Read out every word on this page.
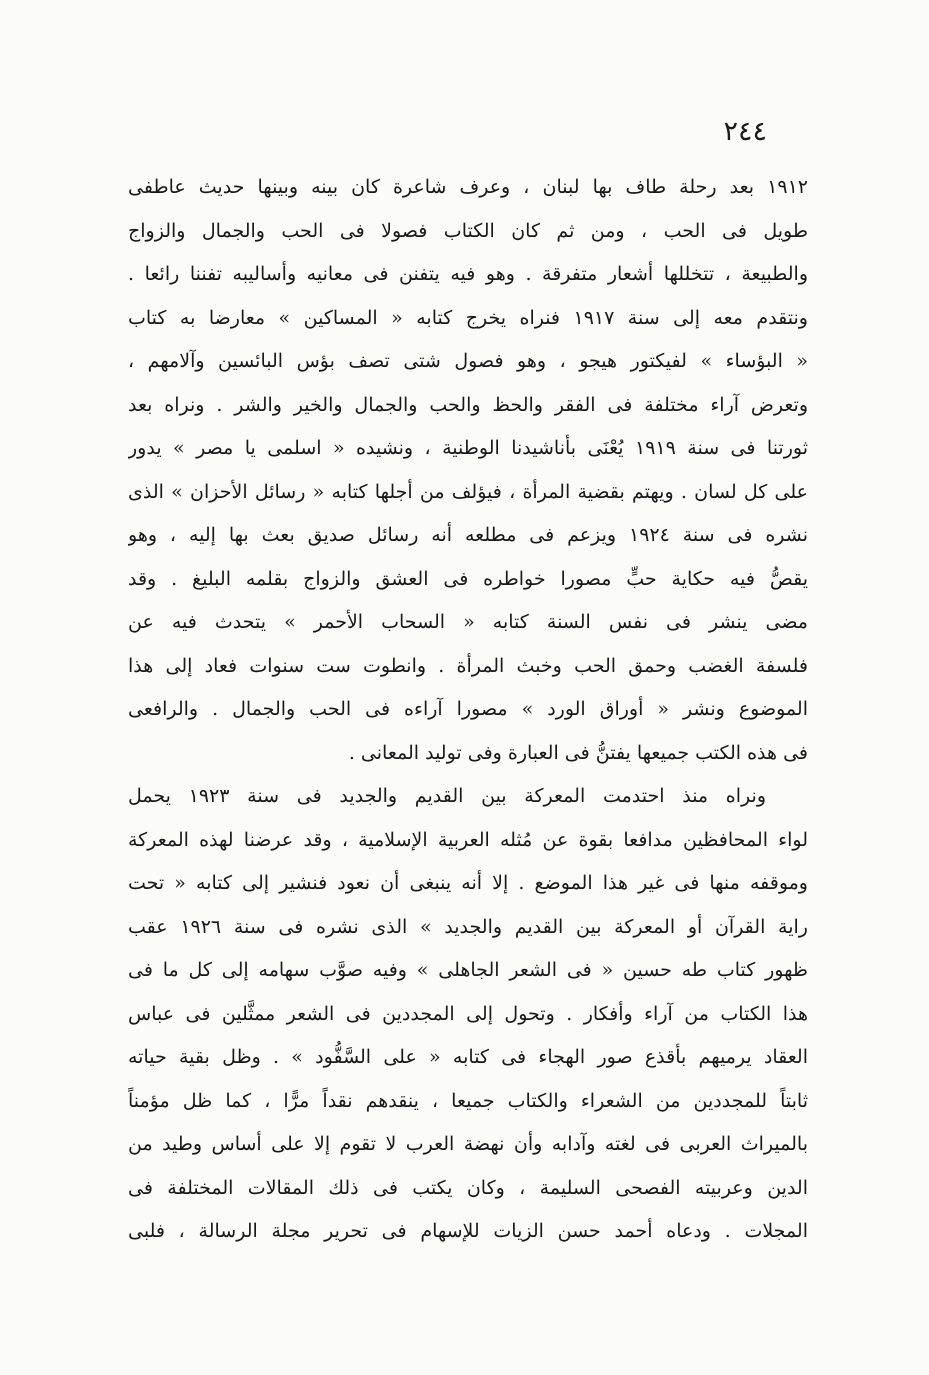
٢٤٤
١٩١٢ بعد رحلة طاف بها لبنان ، وعرف شاعرة كان بينه وبينها حديث عاطفى
طويل فى الحب ، ومن ثم كان الكتاب فصولا فى الحب والجمال والزواج
والطبيعة ، تتخللها أشعار متفرقة . وهو فيه يتفنن فى معانيه وأساليبه تفننا رائعا .
ونتقدم معه إلى سنة ١٩١٧ فنراه يخرج كتابه « المساكين » معارضا به كتاب
« البؤساء » لفيكتور هيجو ، وهو فصول شتى تصف بؤس البائسين وآلامهم ،
وتعرض آراء مختلفة فى الفقر والحظ والحب والجمال والخير والشر . ونراه بعد
ثورتنا فى سنة ١٩١٩ يُعْنَى بأناشيدنا الوطنية ، ونشيده « اسلمى يا مصر » يدور
على كل لسان . ويهتم بقضية المرأة ، فيؤلف من أجلها كتابه « رسائل الأحزان » الذى
نشره فى سنة ١٩٢٤ ويزعم فى مطلعه أنه رسائل صديق بعث بها إليه ، وهو
يقصُّ فيه حكاية حبٍّ مصورا خواطره فى العشق والزواج بقلمه البليغ . وقد
مضى ينشر فى نفس السنة كتابه « السحاب الأحمر » يتحدث فيه عن
فلسفة الغضب وحمق الحب وخبث المرأة . وانطوت ست سنوات فعاد إلى هذا
الموضوع ونشر « أوراق الورد » مصورا آراءه فى الحب والجمال . والرافعى
فى هذه الكتب جميعها يفتنُّ فى العبارة وفى توليد المعانى .
ونراه منذ احتدمت المعركة بين القديم والجديد فى سنة ١٩٢٣ يحمل
لواء المحافظين مدافعا بقوة عن مُثله العربية الإسلامية ، وقد عرضنا لهذه المعركة
وموقفه منها فى غير هذا الموضع . إلا أنه ينبغى أن نعود فنشير إلى كتابه « تحت
راية القرآن أو المعركة بين القديم والجديد » الذى نشره فى سنة ١٩٢٦ عقب
ظهور كتاب طه حسين « فى الشعر الجاهلى » وفيه صوَّب سهامه إلى كل ما فى
هذا الكتاب من آراء وأفكار . وتحول إلى المجددين فى الشعر ممثَّلين فى عباس
العقاد يرميهم بأقذع صور الهجاء فى كتابه « على السَّفُّود » . وظل بقية حياته
ثابتاً للمجددين من الشعراء والكتاب جميعا ، ينقدهم نقداً مرًّا ، كما ظل مؤمناً
بالميراث العربى فى لغته وآدابه وأن نهضة العرب لا تقوم إلا على أساس وطيد من
الدين وعربيته الفصحى السليمة ، وكان يكتب فى ذلك المقالات المختلفة فى
المجلات . ودعاه أحمد حسن الزيات للإسهام فى تحرير مجلة الرسالة ، فلبى
